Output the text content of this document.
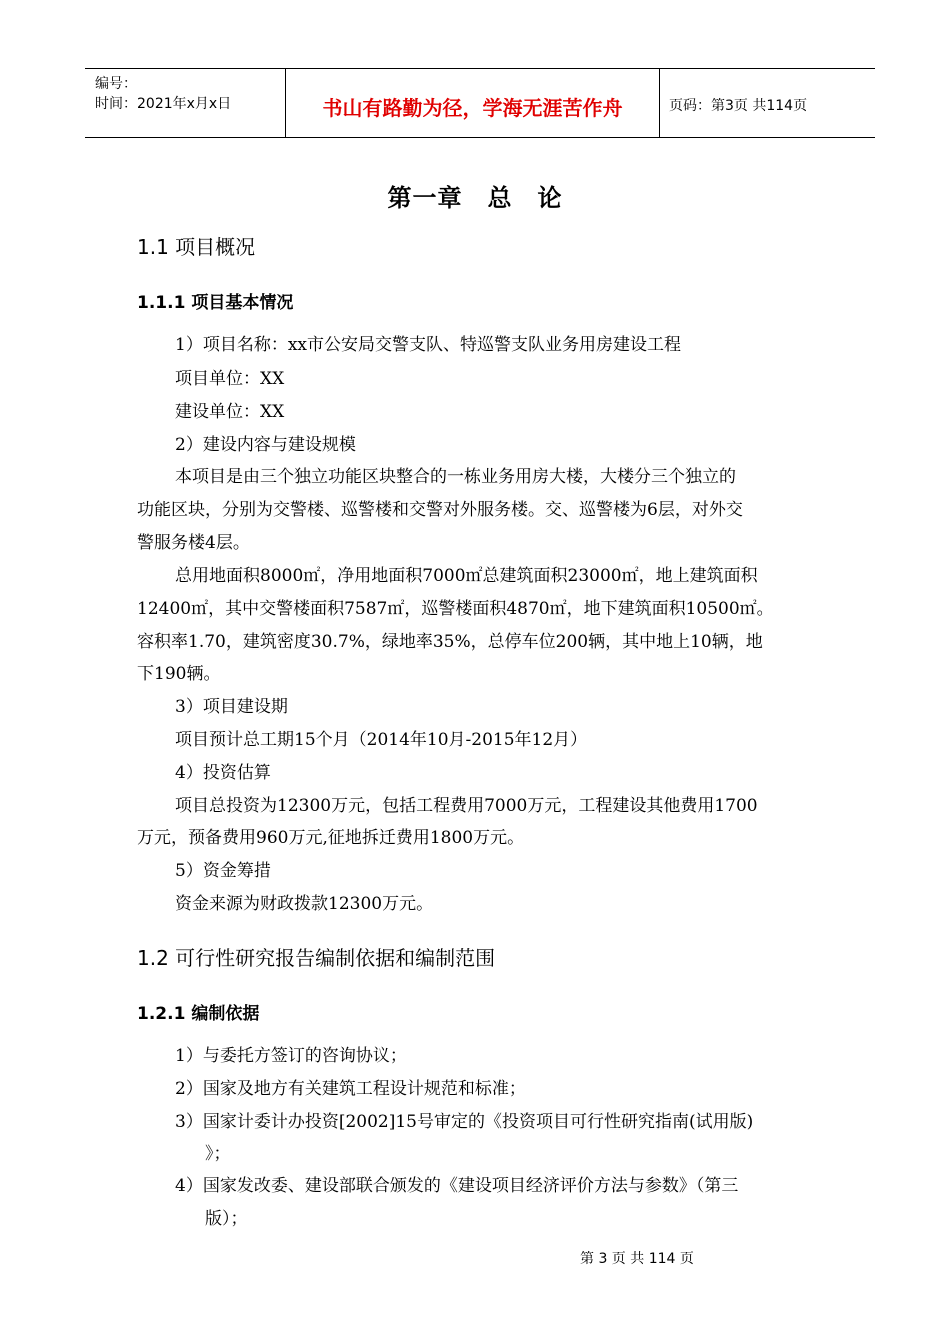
编号：
时间：2021年x月x日	书山有路勤为径，学海无涯苦作舟	页码：第3页 共114页
第一章　总　论
1.1 项目概况
1.1.1 项目基本情况
1）项目名称：xx市公安局交警支队、特巡警支队业务用房建设工程
项目单位：XX
建设单位：XX
2）建设内容与建设规模
本项目是由三个独立功能区块整合的一栋业务用房大楼，大楼分三个独立的
功能区块，分别为交警楼、巡警楼和交警对外服务楼。交、巡警楼为6层，对外交
警服务楼4层。
总用地面积8000㎡，净用地面积7000㎡总建筑面积23000㎡，地上建筑面积
12400㎡，其中交警楼面积7587㎡，巡警楼面积4870㎡，地下建筑面积10500㎡。
容积率1.70，建筑密度30.7%，绿地率35%，总停车位200辆，其中地上10辆，地
下190辆。
3）项目建设期
项目预计总工期15个月（2014年10月-2015年12月）
4）投资估算
项目总投资为12300万元，包括工程费用7000万元，工程建设其他费用1700
万元，预备费用960万元,征地拆迁费用1800万元。
5）资金筹措
资金来源为财政拨款12300万元。
1.2 可行性研究报告编制依据和编制范围
1.2.1 编制依据
1）与委托方签订的咨询协议；
2）国家及地方有关建筑工程设计规范和标准；
3）国家计委计办投资[2002]15号审定的《投资项目可行性研究指南(试用版)
》；
4）国家发改委、建设部联合颁发的《建设项目经济评价方法与参数》（第三
版）；
第 3 页 共 114 页
